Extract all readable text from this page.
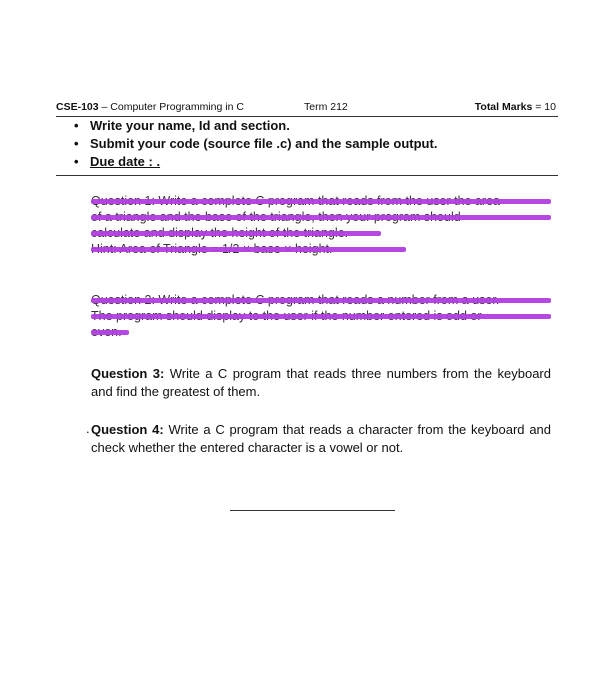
CSE-103 – Computer Programming in C	Term 212	Total Marks = 10
• Write your name, Id and section.
• Submit your code (source file .c) and the sample output.
• Due date : .
Question 3: Write a C program that reads three numbers from the keyboard and find the greatest of them.
. Question 4: Write a C program that reads a character from the keyboard and check whether the entered character is a vowel or not.
